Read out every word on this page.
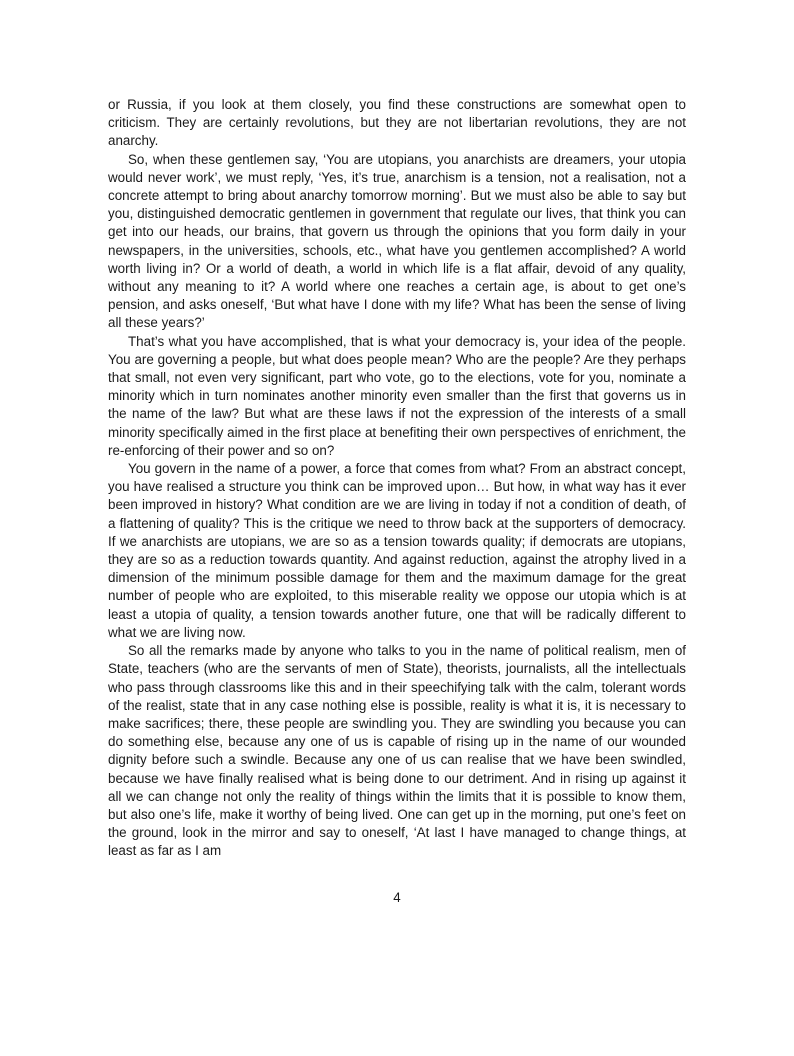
or Russia, if you look at them closely, you find these constructions are somewhat open to criticism. They are certainly revolutions, but they are not libertarian revolutions, they are not anarchy.

So, when these gentlemen say, ‘You are utopians, you anarchists are dreamers, your utopia would never work’, we must reply, ‘Yes, it’s true, anarchism is a tension, not a realisation, not a concrete attempt to bring about anarchy tomorrow morning’. But we must also be able to say but you, distinguished democratic gentlemen in government that regulate our lives, that think you can get into our heads, our brains, that govern us through the opinions that you form daily in your newspapers, in the universities, schools, etc., what have you gentlemen accomplished? A world worth living in? Or a world of death, a world in which life is a flat affair, devoid of any quality, without any meaning to it? A world where one reaches a certain age, is about to get one’s pension, and asks oneself, ‘But what have I done with my life? What has been the sense of living all these years?’

That’s what you have accomplished, that is what your democracy is, your idea of the people. You are governing a people, but what does people mean? Who are the people? Are they perhaps that small, not even very significant, part who vote, go to the elections, vote for you, nominate a minority which in turn nominates another minority even smaller than the first that governs us in the name of the law? But what are these laws if not the expression of the interests of a small minority specifically aimed in the first place at benefiting their own perspectives of enrichment, the re-enforcing of their power and so on?

You govern in the name of a power, a force that comes from what? From an abstract concept, you have realised a structure you think can be improved upon… But how, in what way has it ever been improved in history? What condition are we are living in today if not a condition of death, of a flattening of quality? This is the critique we need to throw back at the supporters of democracy. If we anarchists are utopians, we are so as a tension towards quality; if democrats are utopians, they are so as a reduction towards quantity. And against reduction, against the atrophy lived in a dimension of the minimum possible damage for them and the maximum damage for the great number of people who are exploited, to this miserable reality we oppose our utopia which is at least a utopia of quality, a tension towards another future, one that will be radically different to what we are living now.

So all the remarks made by anyone who talks to you in the name of political realism, men of State, teachers (who are the servants of men of State), theorists, journalists, all the intellectuals who pass through classrooms like this and in their speechifying talk with the calm, tolerant words of the realist, state that in any case nothing else is possible, reality is what it is, it is necessary to make sacrifices; there, these people are swindling you. They are swindling you because you can do something else, because any one of us is capable of rising up in the name of our wounded dignity before such a swindle. Because any one of us can realise that we have been swindled, because we have finally realised what is being done to our detriment. And in rising up against it all we can change not only the reality of things within the limits that it is possible to know them, but also one’s life, make it worthy of being lived. One can get up in the morning, put one’s feet on the ground, look in the mirror and say to oneself, ‘At last I have managed to change things, at least as far as I am

4
